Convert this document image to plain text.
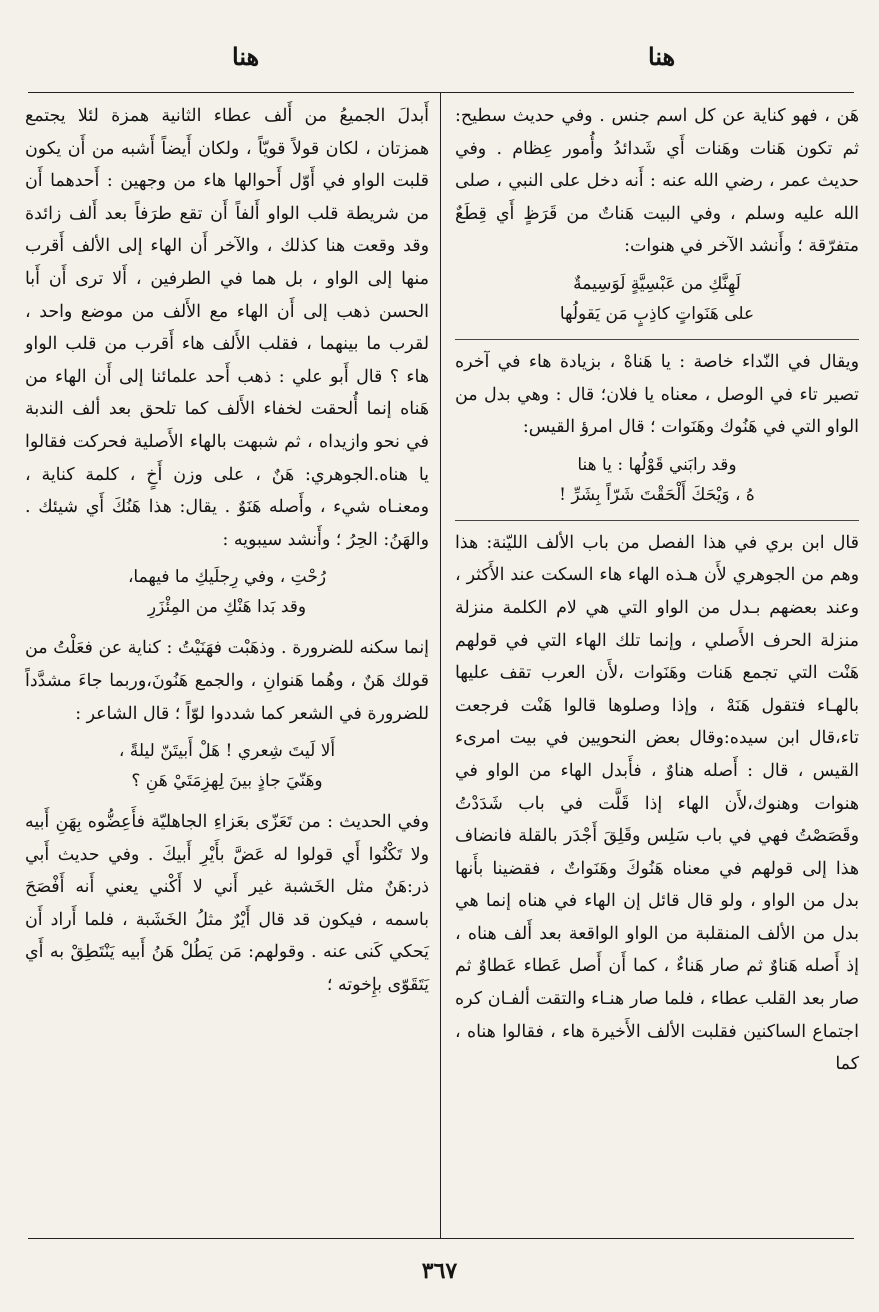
هنا	هنا

هَن ، فهو كناية عن كل اسم جنس . وفي حديث سطيح: ثم تكون هَنات وهَنات أَي شَدائدُ وأُمور عِظام . وفي حديث عمر ، رضي الله عنه : أَنه دخل على النبي ، صلى الله عليه وسلم ، وفي البيت هَناتٌ من قَرَظٍ أَي قِطَعٌ متفرّقة ؛ وأَنشد الآخر في هنوات:

لَهِنَّكِ من عَبْسِيَّةٍ لَوَسِيمةٌ
على هَنَواتٍ كاذِبٍ مَن يَقولُها

ويقال في النّداء خاصة : يا هَناهْ ، بزيادة هاء في آخره تصير تاء في الوصل ، معناه يا فلان؛ قال : وهي بدل من الواو التي في هَنُوك وهَنَوات ؛ قال امرؤ القيس:

وقد رابَني قَوْلُها : يا هنا
هُ ، وَيْحَكَ أَلْحَقْتَ شَرّاً بِشَرِّ !

قال ابن بري في هذا الفصل من باب الألف الليّنة: هذا وهم من الجوهري لأَن هـذه الهاء هاء السكت عند الأَكثر ، وعند بعضهم بـدل من الواو التي هي لام الكلمة منزلة منزلة الحرف الأَصلي ، وإنما تلك الهاء التي في قولهم هَنْت التي تجمع هَنات وهَنَوات ،لأَن العرب تقف عليها بالهـاء فتقول هَنَهْ ، وإذا وصلوها قالوا هَنْت فرجعت تاء،قال ابن سيده:وقال بعض النحويين في بيت امرىء القيس ، قال : أَصله هناوٌ ، فأَبدل الهاء من الواو في هنوات وهنوك،لأَن الهاء إذا قَلَّت في باب شَدَدْتُ وقَصَصْتُ فهي في باب سَلِس وقَلِقَ أَجْدَر بالقلة فانضاف هذا إلى قولهم في معناه هَنُوكَ وهَنَواتٌ ، فقضينا بأَنها بدل من الواو ، ولو قال قائل إن الهاء في هناه إنما هي بدل من الألف المنقلبة من الواو الواقعة بعد أَلف هناه ، إذ أَصله هَناوٌ ثم صار هَناءٌ ، كما أَن أَصل عَطاء عَطاوٌ ثم صار بعد القلب عطاء ، فلما صار هنـاء والتقت ألفـان كره اجتماع الساكنين فقلبت الألف الأَخيرة هاء ، فقالوا هناه ، كما

أَبدلَ الجميعُ من أَلف عطاء الثانية همزة لئلا يجتمع همزتان ، لكان قولاً قويّاً ، ولكان أَيضاً أَشبه من أَن يكون قلبت الواو في أَوّل أَحوالها هاء من وجهين : أَحدهما أَن من شريطة قلب الواو أَلفاً أَن تقع طرَفاً بعد أَلف زائدة وقد وقعت هنا كذلك ، والآخر أَن الهاء إلى الألف أَقرب منها إلى الواو ، بل هما في الطرفين ، أَلا ترى أَن أَبا الحسن ذهب إلى أَن الهاء مع الأَلف من موضع واحد ، لقرب ما بينهما ، فقلب الأَلف هاء أَقرب من قلب الواو هاء ؟ قال أَبو علي : ذهب أَحد علمائنا إلى أَن الهاء من هَناه إنما أُلحقت لخفاء الأَلف كما تلحق بعد ألف الندبة في نحو وازيداه ، ثم شبهت بالهاء الأَصلية فحركت فقالوا يا هناه.الجوهري: هَنٌ ، على وزن أَخٍ ، كلمة كناية ، ومعنـاه شيء ، وأَصله هَنَوٌ . يقال: هذا هَنُكَ أَي شيئك . والهَنُ: الحِرُ ؛ وأَنشد سيبويه :

رُحْتِ ، وفي رِجلَيكِ ما فيهما،
وقد بَدا هَنْكِ من المِئْزَرِ

إنما سكنه للضرورة . وذهَبْت فهَنَيْتُ : كناية عن فعَلْتُ من قولك هَنٌ ، وهُما هَنوانِ ، والجمع هَنُونَ،وربما جاءَ مشدَّداً للضرورة في الشعر كما شددوا لوّاً ؛ قال الشاعر :

أَلا لَيتَ شِعري ! هَلْ أَبيتَنّ ليلةً ،
وهَنّيَ جاذٍ بينَ لِهزِمَتَيْ هَنِ ؟

وفي الحديث : من تَعَزّى بعَزاءِ الجاهليّة فأَعِضُّوه بِهَنِ أَبيه ولا تَكْنُوا أَي قولوا له عَضَّ بأَيْرِ أَبيكَ . وفي حديث أَبي ذر:هَنٌ مثل الخَشبة غير أَني لا أَكْني يعني أَنه أَفْصَحَ باسمه ، فيكون قد قال أَيْرٌ مثلُ الخَشَبة ، فلما أَراد أَن يَحكي كَنى عنه . وقولهم: مَن يَطُلْ هَنُ أَبيه يَنْتَطِقْ به أَي يَتَقَوّى بإِخوته ؛

٣٦٧
